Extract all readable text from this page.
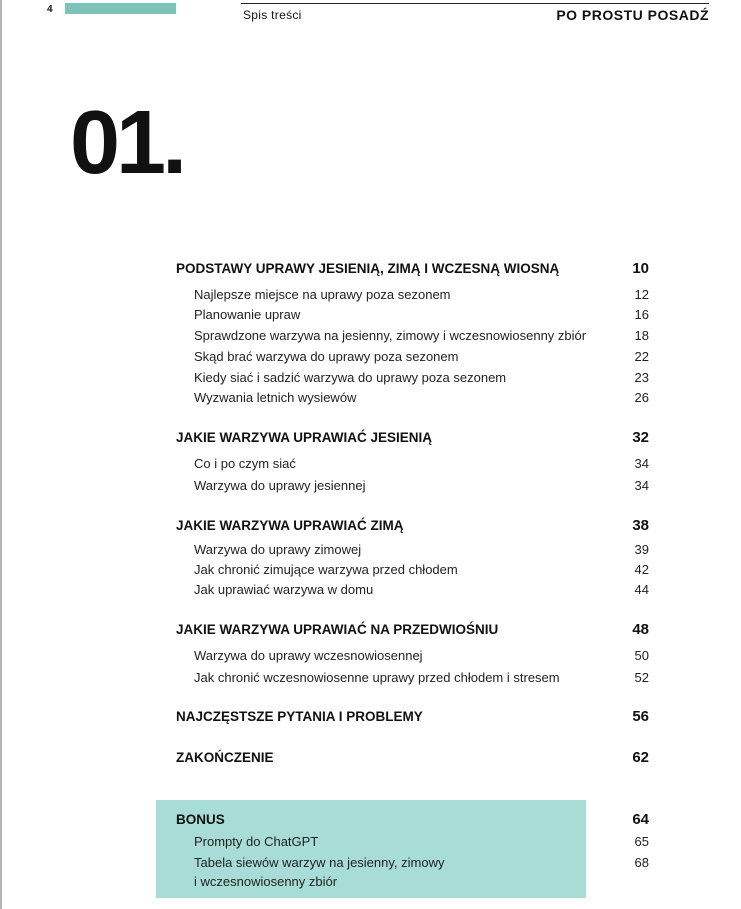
4	Spis treści	PO PROSTU POSADŹ
01.
PODSTAWY UPRAWY JESIENIĄ, ZIMĄ I WCZESNĄ WIOSNĄ	10
Najlepsze miejsce na uprawy poza sezonem	12
Planowanie upraw	16
Sprawdzone warzywa na jesienny, zimowy i wczesnowiosenny zbiór	18
Skąd brać warzywa do uprawy poza sezonem	22
Kiedy siać i sadzić warzywa do uprawy poza sezonem	23
Wyzwania letnich wysiewów	26
JAKIE WARZYWA UPRAWIAĆ JESIENIĄ	32
Co i po czym siać	34
Warzywa do uprawy jesiennej	34
JAKIE WARZYWA UPRAWIAĆ ZIMĄ	38
Warzywa do uprawy zimowej	39
Jak chronić zimujące warzywa przed chłodem	42
Jak uprawiać warzywa w domu	44
JAKIE WARZYWA UPRAWIAĆ NA PRZEDWIOŚNIU	48
Warzywa do uprawy wczesnowiosennej	50
Jak chronić wczesnowiosenne uprawy przed chłodem i stresem	52
NAJCZĘSTSZE PYTANIA I PROBLEMY	56
ZAKOŃCZENIE	62
BONUS	64
Prompty do ChatGPT	65
Tabela siewów warzyw na jesienny, zimowy	68
i wczesnowiosenny zbiór
